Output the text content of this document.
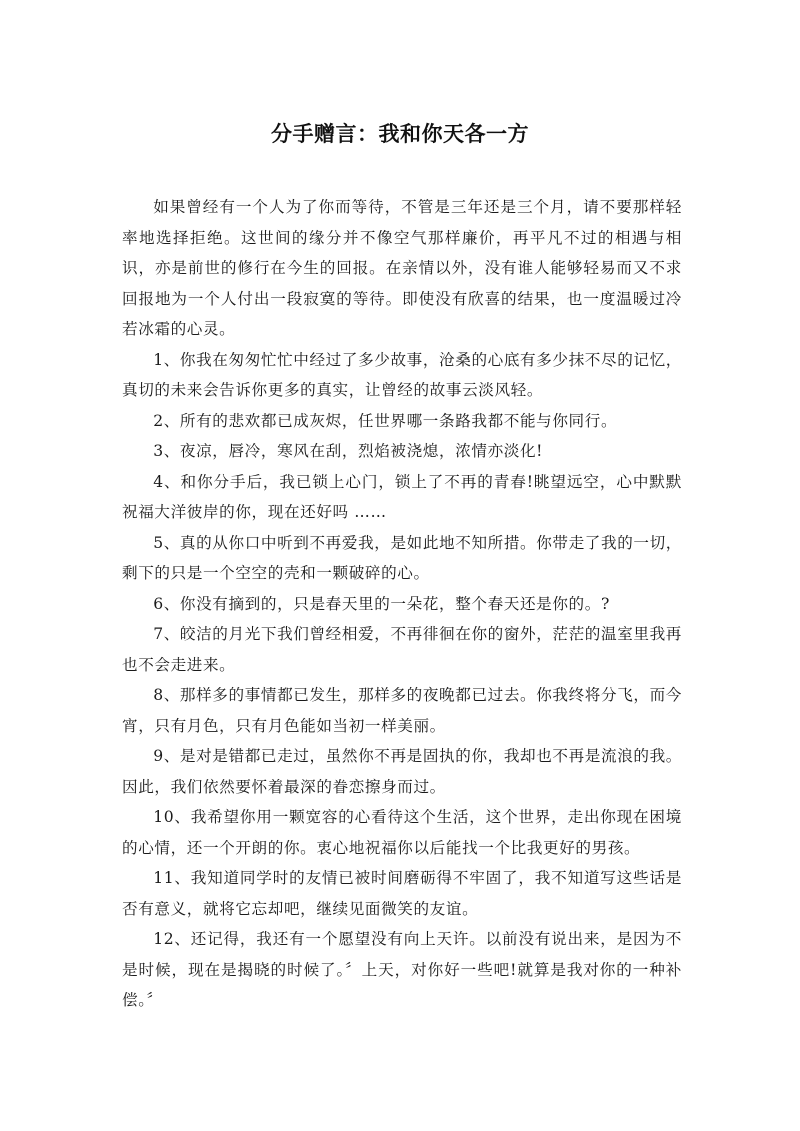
分手赠言：我和你天各一方

如果曾经有一个人为了你而等待，不管是三年还是三个月，请不要那样轻率地选择拒绝。这世间的缘分并不像空气那样廉价，再平凡不过的相遇与相识，亦是前世的修行在今生的回报。在亲情以外，没有谁人能够轻易而又不求回报地为一个人付出一段寂寞的等待。即使没有欣喜的结果，也一度温暖过冷若冰霜的心灵。

1、你我在匆匆忙忙中经过了多少故事，沧桑的心底有多少抹不尽的记忆，真切的未来会告诉你更多的真实，让曾经的故事云淡风轻。

2、所有的悲欢都已成灰烬，任世界哪一条路我都不能与你同行。

3、夜凉，唇冷，寒风在刮，烈焰被浇熄，浓情亦淡化!

4、和你分手后，我已锁上心门，锁上了不再的青春!眺望远空，心中默默祝福大洋彼岸的你，现在还好吗 ……

5、真的从你口中听到不再爱我，是如此地不知所措。你带走了我的一切，剩下的只是一个空空的壳和一颗破碎的心。

6、你没有摘到的，只是春天里的一朵花，整个春天还是你的。?

7、皎洁的月光下我们曾经相爱，不再徘徊在你的窗外，茫茫的温室里我再也不会走进来。

8、那样多的事情都已发生，那样多的夜晚都已过去。你我终将分飞，而今宵，只有月色，只有月色能如当初一样美丽。

9、是对是错都已走过，虽然你不再是固执的你，我却也不再是流浪的我。因此，我们依然要怀着最深的眷恋擦身而过。

10、我希望你用一颗宽容的心看待这个生活，这个世界，走出你现在困境的心情，还一个开朗的你。衷心地祝福你以后能找一个比我更好的男孩。

11、我知道同学时的友情已被时间磨砺得不牢固了，我不知道写这些话是否有意义，就将它忘却吧，继续见面微笑的友谊。

12、还记得，我还有一个愿望没有向上天许。以前没有说出来，是因为不是时候，现在是揭晓的时候了。〞上天，对你好一些吧!就算是我对你的一种补偿。〞
